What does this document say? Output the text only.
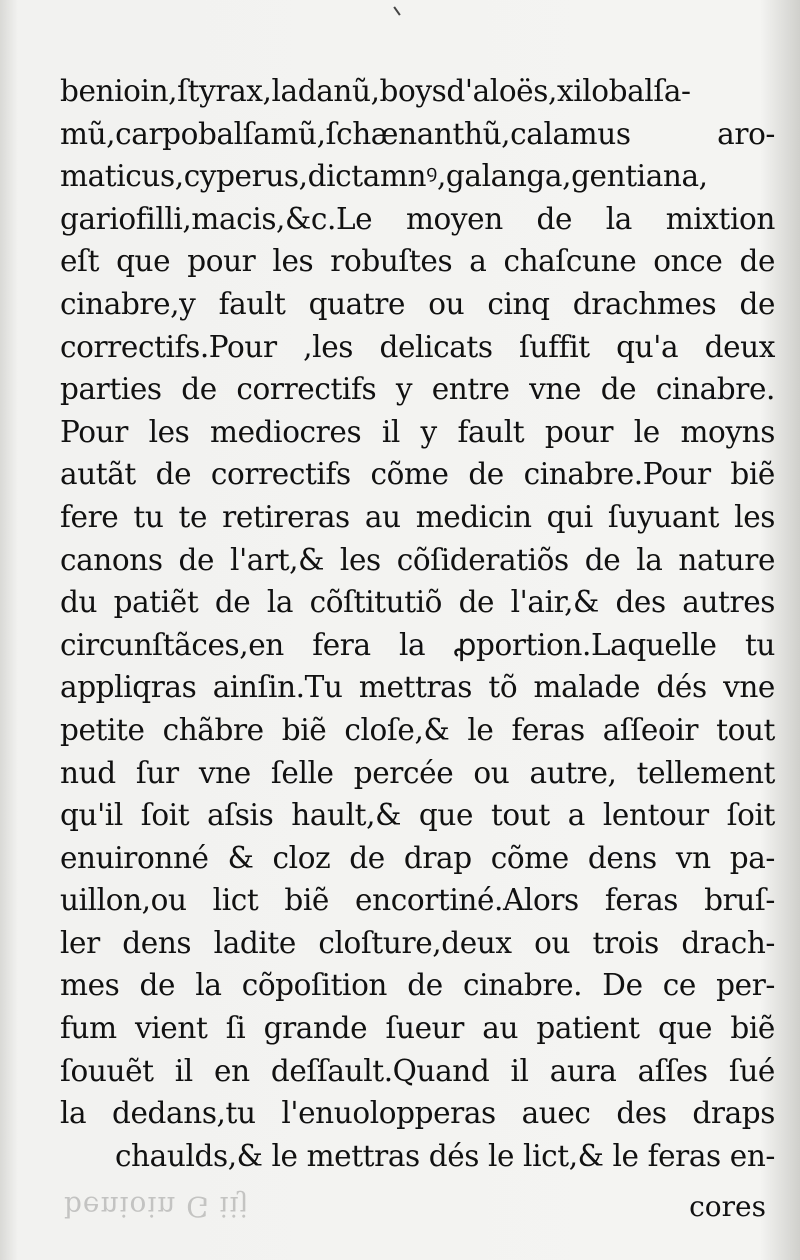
benioin,ſtyrax,ladanũ,boysd'aloës,xilobalſa-
mũ,carpobalſamũ,ſchænanthũ,calamus aro-
maticus,cyperus,dictamnꝰ,galanga,gentiana,
gariofilli,macis,&c.Le moyen de la mixtion
eſt que pour les robuſtes a chaſcune once de
cinabre,y fault quatre ou cinq drachmes de
correctifs.Pour ,les delicats ſuffit qu'a deux
parties de correctifs y entre vne de cinabre.
Pour les mediocres il y fault pour le moyns
autãt de correctifs cõme de cinabre.Pour biẽ
fere tu te retireras au medicin qui ſuyuant les
canons de l'art,& les cõſideratiõs de la nature
du patiẽt de la cõſtitutiõ de l'air,& des autres
circunſtãces,en fera la ꝓportion.Laquelle tu
appliqras ainſin.Tu mettras tõ malade dés vne
petite chãbre biẽ cloſe,& le feras aſſeoir tout
nud ſur vne ſelle percée ou autre, tellement
qu'il ſoit aſsis hault,& que tout a lentour ſoit
enuironné & cloz de drap cõme dens vn pa-
uillon,ou lict biẽ encortiné.Alors feras bruſ-
ler dens ladite cloſture,deux ou trois drach-
mes de la cõpoſition de cinabre. De ce per-
fum vient ſi grande ſueur au patient que biẽ
ſouuẽt il en deſſault.Quand il aura aſſes ſué
la dedans,tu l'enuolopperas auec des draps
chaulds,& le mettras dés le lict,& le feras en-
benioin G iij	cores
